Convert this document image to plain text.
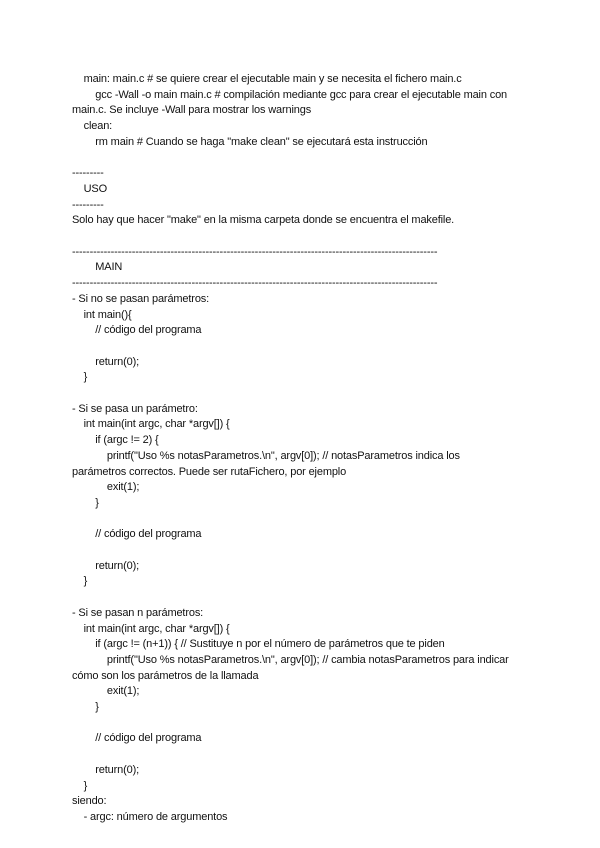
main: main.c # se quiere crear el ejecutable main y se necesita el fichero main.c
gcc -Wall -o main main.c # compilación mediante gcc para crear el ejecutable main con
main.c. Se incluye -Wall para mostrar los warnings
clean:
rm main # Cuando se haga "make clean" se ejecutará esta instrucción
---------
USO
---------
Solo hay que hacer "make" en la misma carpeta donde se encuentra el makefile.
--------------------------------------------------------------------------------------------------------
MAIN
--------------------------------------------------------------------------------------------------------
- Si no se pasan parámetros:
int main(){
// código del programa
return(0);
}
- Si se pasa un parámetro:
int main(int argc, char *argv[]) {
if (argc != 2) {
printf("Uso %s notasParametros.\n", argv[0]); // notasParametros indica los
parámetros correctos. Puede ser rutaFichero, por ejemplo
exit(1);
}
// código del programa
return(0);
}
- Si se pasan n parámetros:
int main(int argc, char *argv[]) {
if (argc != (n+1)) { // Sustituye n por el número de parámetros que te piden
printf("Uso %s notasParametros.\n", argv[0]); // cambia notasParametros para indicar
cómo son los parámetros de la llamada
exit(1);
}
// código del programa
return(0);
}
siendo:
- argc: número de argumentos
